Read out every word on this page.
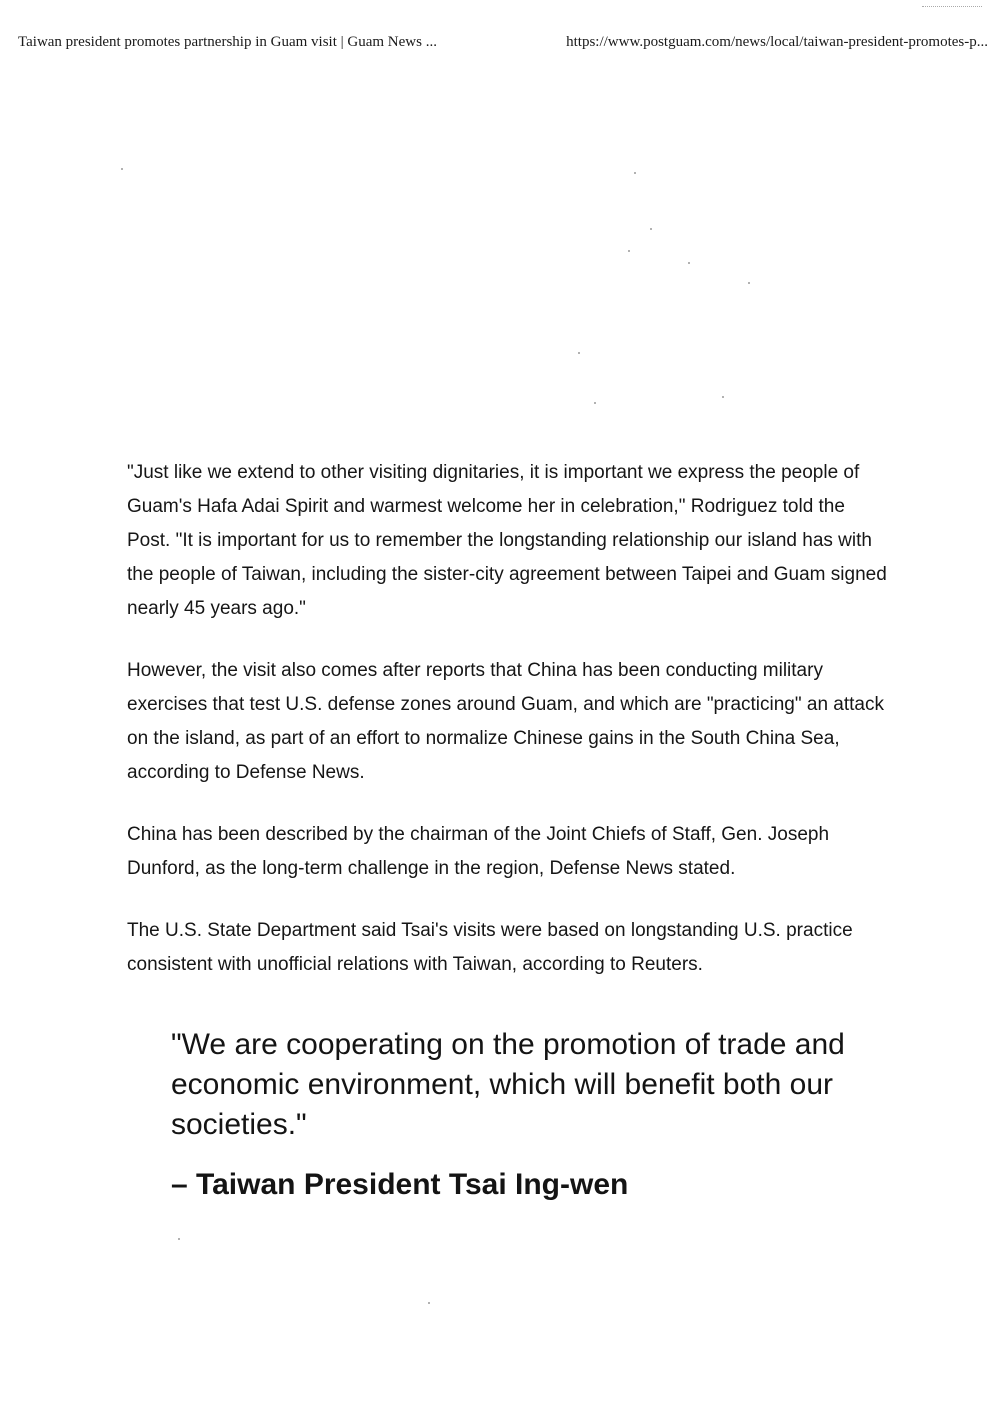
Taiwan president promotes partnership in Guam visit | Guam News ...	https://www.postguam.com/news/local/taiwan-president-promotes-p...

"Just like we extend to other visiting dignitaries, it is important we express the people of Guam's Hafa Adai Spirit and warmest welcome her in celebration," Rodriguez told the Post. "It is important for us to remember the longstanding relationship our island has with the people of Taiwan, including the sister-city agreement between Taipei and Guam signed nearly 45 years ago."

However, the visit also comes after reports that China has been conducting military exercises that test U.S. defense zones around Guam, and which are "practicing" an attack on the island, as part of an effort to normalize Chinese gains in the South China Sea, according to Defense News.

China has been described by the chairman of the Joint Chiefs of Staff, Gen. Joseph Dunford, as the long-term challenge in the region, Defense News stated.

The U.S. State Department said Tsai's visits were based on longstanding U.S. practice consistent with unofficial relations with Taiwan, according to Reuters.

"We are cooperating on the promotion of trade and economic environment, which will benefit both our societies."

– Taiwan President Tsai Ing-wen
